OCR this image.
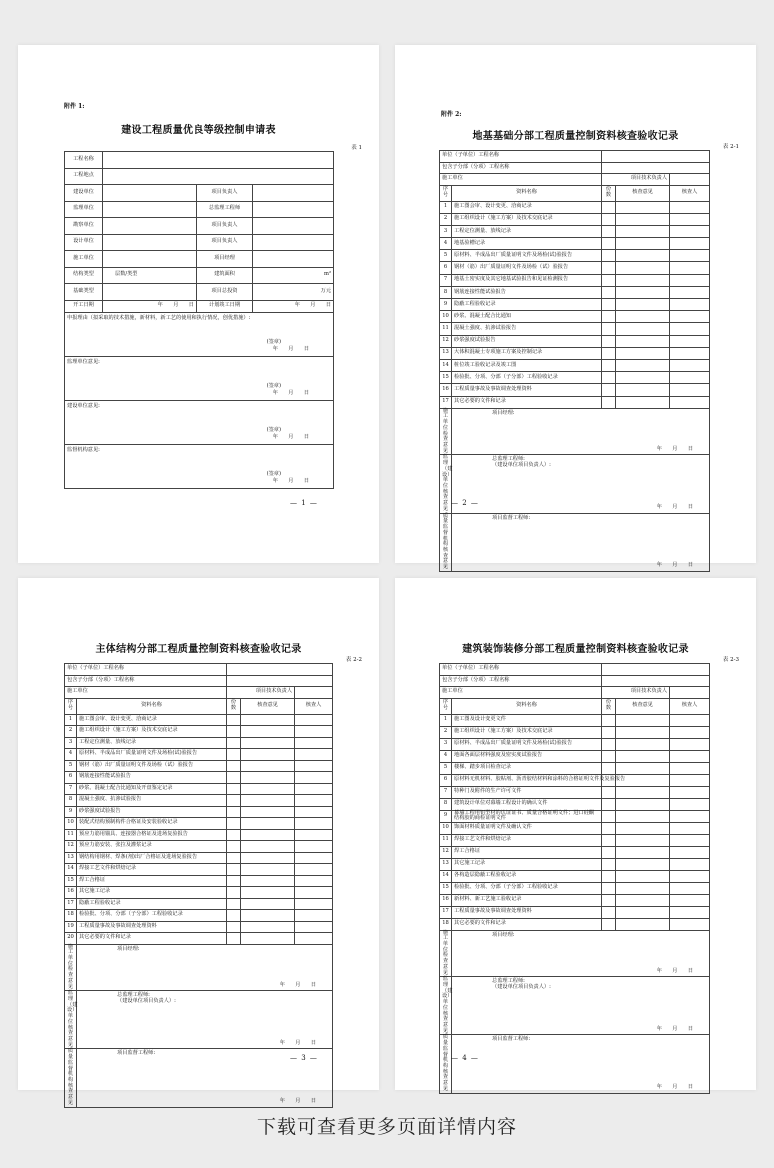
附件 1:
建设工程质量优良等级控制申请表
表 1
工程名称			
工程地点			
建设单位		项目负责人	
监理单位		总监理工程师	
勘察单位		项目负责人	
设计单位		项目负责人	
施工单位		项目经理	
结构类型	层数/类型	建筑面积	m²
基础类型		项目总投资	万元
开工日期	年　　月　　日	计划竣工日期	年　　月　　日
申报理由（拟采取的技术措施，新材料，新工艺的使用和执行情况，创优措施）:
(签章)
年　　月　　日			

监理单位意见:
(签章)
年　　月　　日			

建设单位意见:
(签章)
年　　月　　日			

监督机构意见:
(签章)
年　　月　　日			
— 1 —
附件 2:
地基基础分部工程质量控制资料核查验收记录
表 2-1
单位（子单位）工程名称				
包含子分部（分项）工程名称				
施工单位		项目技术负责人		
序号	资料名称	份数	核查意见	核查人
1	施工图会审、设计变更、洽商记录			
2	施工组织设计（施工方案）及技术交底记录			
3	工程定位测量、放线记录			
4	地基验槽记录			
5	原材料、半成品出厂质量证明文件及场检(试)验报告			
6	钢材（筋）出厂质量证明文件及场检（试）验报告			
7	地基土密实度及其它地基试验报告和见证检测报告			
8	钢筋连接性能试验报告			
9	隐蔽工程验收记录			
10	砂浆、混凝土配合比通知			
11	混凝土强度、抗渗试验报告			
12	砂浆强度试验报告			
13	大体积混凝土专项施工方案及控制记录			
14	桩位竣工验收记录及竣工图			
15	检验批、分项、分部（子分部）工程验收记录			
16	工程质量事故及事故调查处理资料			
17	其它必要的文件和记录			
施工单位
检查意见	项目经理:
年　　月　　日			

监理（建设）
单位核查意见	总监理工程师:
（建设单位项目负责人）:
年　　月　　日			

质量监督机构
核查意见	项目监督工程师:
年　　月　　日			
— 2 —
主体结构分部工程质量控制资料核查验收记录
表 2-2
单位（子单位）工程名称				
包含子分部（分项）工程名称				
施工单位		项目技术负责人		
序号	资料名称	份数	核查意见	核查人
1	施工图会审、设计变更、洽商记录			
2	施工组织设计（施工方案）及技术交底记录			
3	工程定位测量、放线记录			
4	原材料、半成品出厂质量证明文件及场检(试)验报告			
5	钢材（筋）出厂质量证明文件及场检（试）验报告			
6	钢筋连接性能试验报告			
7	砂浆、混凝土配合比通知及开盘鉴定记录			
8	混凝土强度、抗渗试验报告			
9	砂浆强度试验报告			
10	装配式结构预制构件合格证及安装验收记录			
11	预应力筋用锚具、连接器合格证及进场复验报告			
12	预应力筋安装、张拉及灌浆记录			
13	钢结构用钢材、焊条(剂)出厂合格证及进场复验报告			
14	焊接工艺文件和烘焙记录			
15	焊工合格证			
16	其它施工记录			
17	隐蔽工程验收记录			
18	检验批、分项、分部（子分部）工程验收记录			
19	工程质量事故及事故调查处理资料			
20	其它必要的文件和记录			
施工单位
检查意见	项目经理:
年　　月　　日			

监理（建设）
单位核查意见	总监理工程师:
（建设单位项目负责人）:
年　　月　　日			

质量监督机构
核查意见	项目监督工程师:
年　　月　　日			
— 3 —
建筑装饰装修分部工程质量控制资料核查验收记录
表 2-3
单位（子单位）工程名称				
包含子分部（分项）工程名称				
施工单位		项目技术负责人		
序号	资料名称	份数	核查意见	核查人
1	施工图及设计变更文件			
2	施工组织设计（施工方案）及技术交底记录			
3	原材料、半成品出厂质量证明文件及场检(试)验报告			
4	地面各面层材料强度及密实度试验报告			
5	楼梯、踏步项目检查记录			
6	原材料无机材料、胶粘剂、沥青胶结材料和涂料的合格证明文件及复验报告			
7	特种门及附件的生产许可文件			
8	建筑设计单位对幕墙工程设计的确认文件			
9	幕墙工程用铝型材的认证证书、质量合格证明文件；进口硅酮结构胶的商检证明文件			
10	饰面材料质量证明文件及确认文件			
11	焊接工艺文件和烘焙记录			
12	焊工合格证			
13	其它施工记录			
14	各构造层隐蔽工程验收记录			
15	检验批、分项、分部（子分部）工程验收记录			
16	新材料、新工艺施工验收记录			
17	工程质量事故及事故调查处理资料			
18	其它必要的文件和记录			
施工单位
检查意见	项目经理:
年　　月　　日			

监理（建设）
单位核查意见	总监理工程师:
（建设单位项目负责人）:
年　　月　　日			

质量监督机构
核查意见	项目监督工程师:
年　　月　　日			
— 4 —
下载可查看更多页面详情内容
